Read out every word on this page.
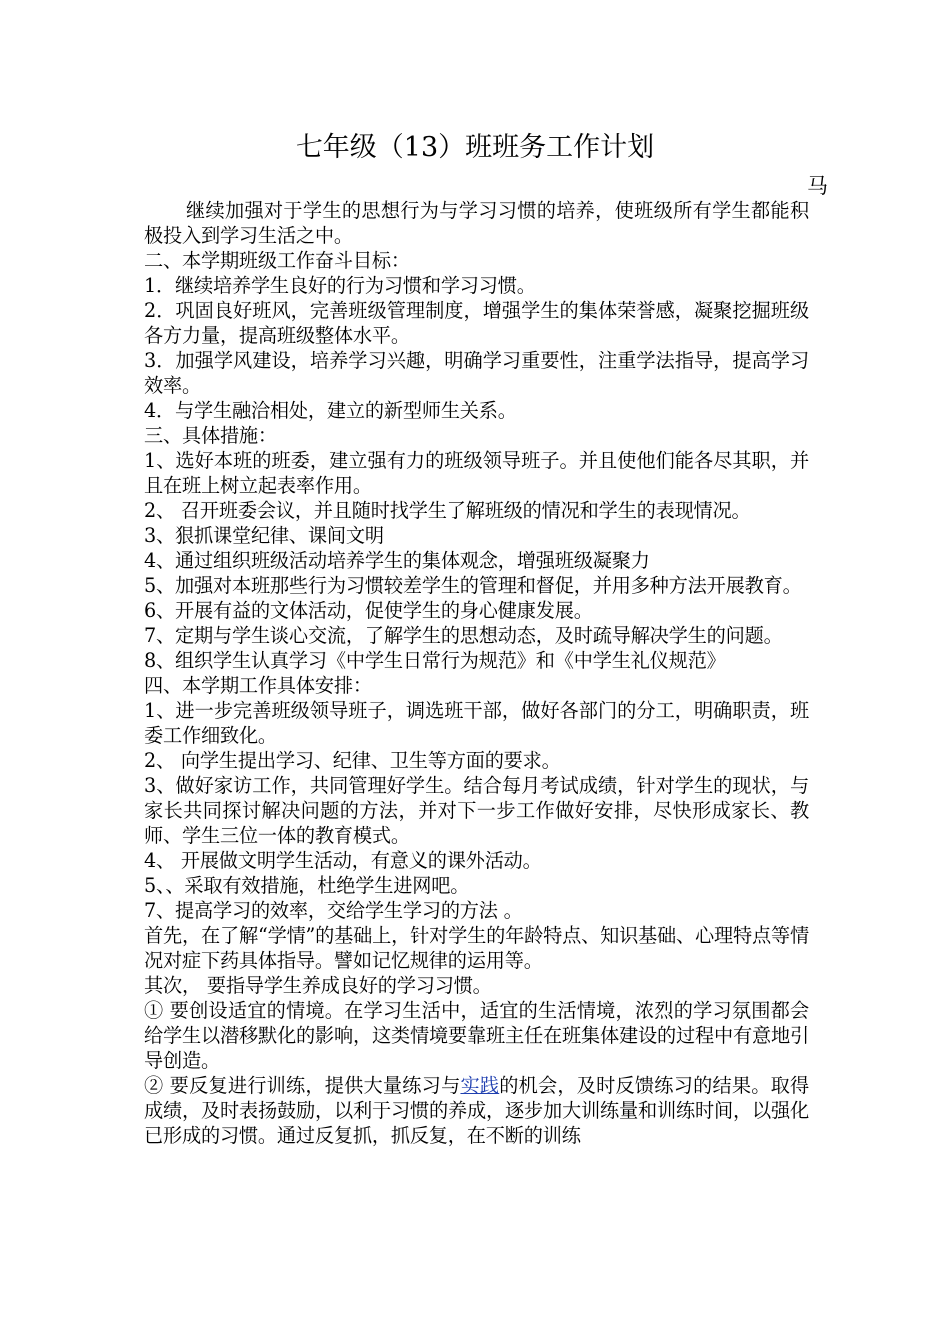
七年级（13）班班务工作计划
马

继续加强对于学生的思想行为与学习习惯的培养，使班级所有学生都能积极投入到学习生活之中。

二、本学期班级工作奋斗目标：

1．继续培养学生良好的行为习惯和学习习惯。

2．巩固良好班风，完善班级管理制度，增强学生的集体荣誉感，凝聚挖掘班级各方力量，提高班级整体水平。

3．加强学风建设，培养学习兴趣，明确学习重要性，注重学法指导，提高学习效率。

4．与学生融洽相处，建立的新型师生关系。

三、具体措施：

1、选好本班的班委，建立强有力的班级领导班子。并且使他们能各尽其职，并且在班上树立起表率作用。

2、 召开班委会议，并且随时找学生了解班级的情况和学生的表现情况。

3、狠抓课堂纪律、课间文明

4、通过组织班级活动培养学生的集体观念，增强班级凝聚力

5、加强对本班那些行为习惯较差学生的管理和督促，并用多种方法开展教育。

6、开展有益的文体活动，促使学生的身心健康发展。

7、定期与学生谈心交流，了解学生的思想动态，及时疏导解决学生的问题。

8、组织学生认真学习《中学生日常行为规范》和《中学生礼仪规范》

四、本学期工作具体安排：

1、进一步完善班级领导班子，调选班干部，做好各部门的分工，明确职责，班委工作细致化。

2、 向学生提出学习、纪律、卫生等方面的要求。

3、做好家访工作，共同管理好学生。结合每月考试成绩，针对学生的现状，与家长共同探讨解决问题的方法，并对下一步工作做好安排，尽快形成家长、教师、学生三位一体的教育模式。

4、 开展做文明学生活动，有意义的课外活动。

5、、采取有效措施，杜绝学生进网吧。

7、提高学习的效率，交给学生学习的方法 。

首先，在了解“学情”的基础上，针对学生的年龄特点、知识基础、心理特点等情况对症下药具体指导。譬如记忆规律的运用等。

其次， 要指导学生养成良好的学习习惯。

① 要创设适宜的情境。在学习生活中，适宜的生活情境，浓烈的学习氛围都会给学生以潜移默化的影响，这类情境要靠班主任在班集体建设的过程中有意地引导创造。

② 要反复进行训练，提供大量练习与实践的机会，及时反馈练习的结果。取得成绩，及时表扬鼓励，以利于习惯的养成，逐步加大训练量和训练时间，以强化已形成的习惯。通过反复抓，抓反复，在不断的训练
